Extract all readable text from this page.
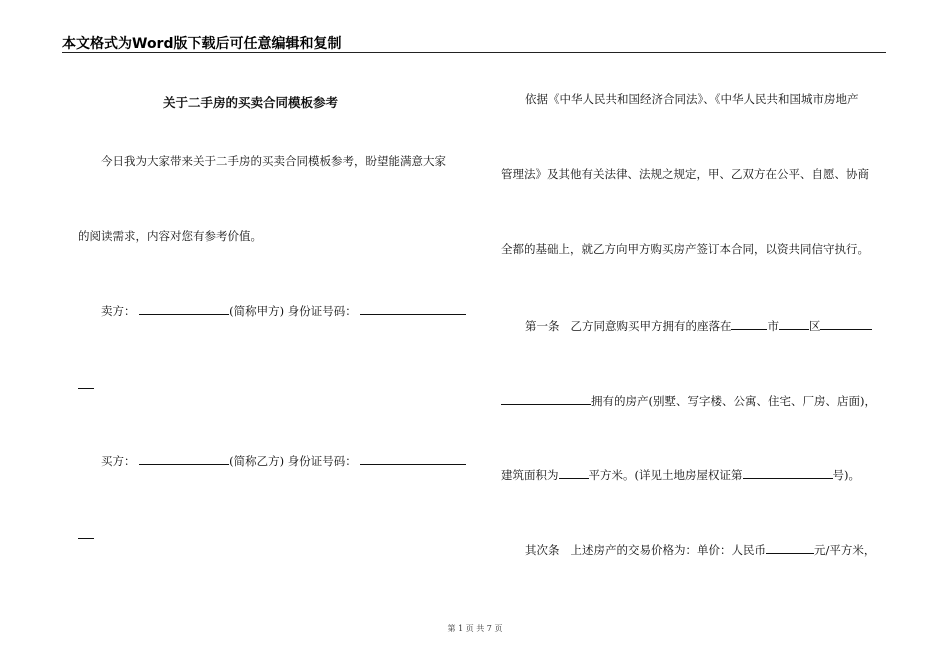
本文格式为Word版下载后可任意编辑和复制
关于二手房的买卖合同模板参考
今日我为大家带来关于二手房的买卖合同模板参考，盼望能满意大家
的阅读需求，内容对您有参考价值。
卖方：	(简称甲方) 身份证号码：
买方：	(简称乙方) 身份证号码：
依据《中华人民共和国经济合同法》、《中华人民共和国城市房地产
管理法》及其他有关法律、法规之规定，甲、乙双方在公平、自愿、协商
全都的基础上，就乙方向甲方购买房产签订本合同，以资共同信守执行。
第一条 乙方同意购买甲方拥有的座落在	市	区
拥有的房产(别墅、写字楼、公寓、住宅、厂房、店面)，
建筑面积为	平方米。(详见土地房屋权证第	号)。
其次条 上述房产的交易价格为：单价：人民币	元/平方米，
第 1 页 共 7 页
